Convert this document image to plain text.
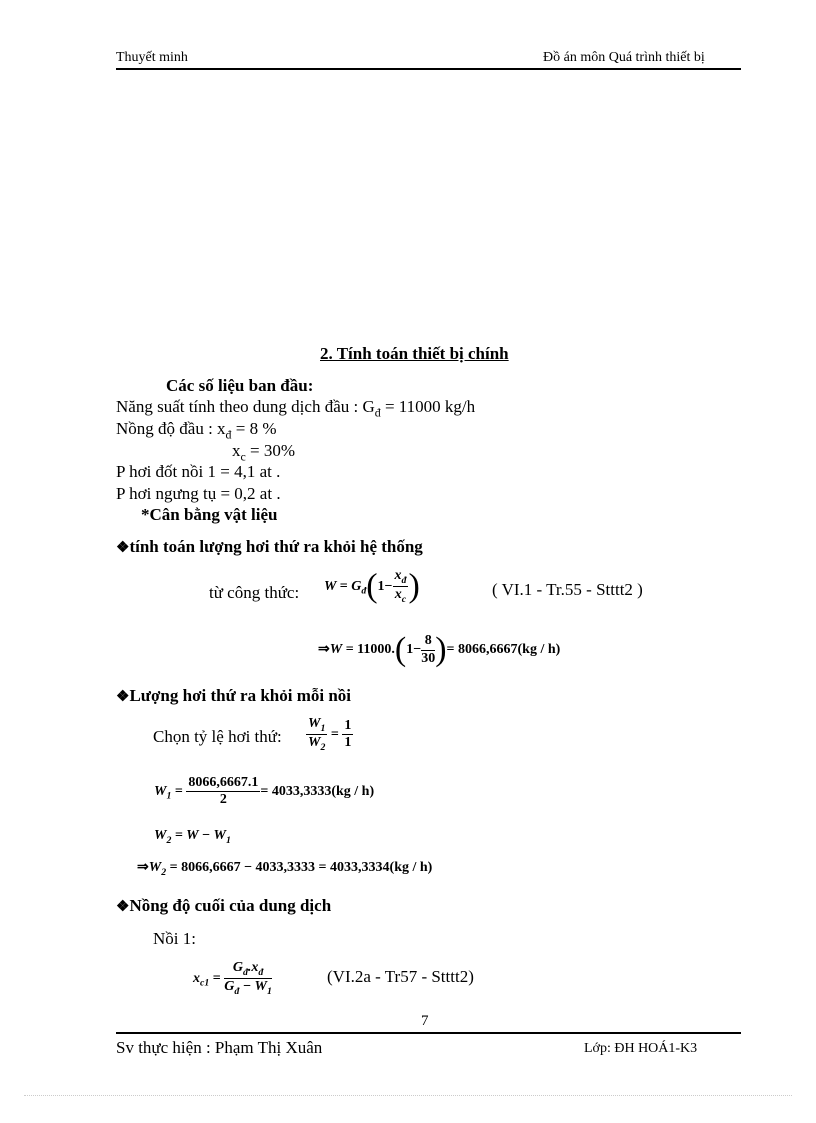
Thuyết minh	Đồ án môn Quá trình thiết bị
2. Tính toán thiết bị chính
Các số liệu ban đầu:
Năng suất tính theo dung dịch đầu : $G_đ = 11000$ kg/h
Nồng độ đầu : $x_đ = 8$ %
$x_c = 30\%$
P hơi đốt nồi 1 = 4,1 at .
P hơi ngưng tụ = 0,2 at .
*Cân bằng vật liệu
❖tính toán lượng hơi thứ ra khỏi hệ thống
từ công thức: $W = G_đ(1- \frac{x_đ}{x_c}$ )	( VI.1 - Tr.55 - Stttt2 )
⇒W = $11000.(1- \frac{8}{30}$ )= 8066,6667(kg / h)
❖Lượng hơi thứ ra khỏi mỗi nồi
Chọn tỷ lệ hơi thứ: $\frac{W_1}{W_2} = \frac{1}{1}$
$W_1 = \frac{8066,6667.1}{2} = 4033,3333(kg / h)$
$W_2 = W - W_1$
$\Rightarrow W_2 = 8066,6667 - 4033,3333 = 4033,3334(kg / h)$
❖Nồng độ cuối của dung dịch
Nồi 1:
$x_{c1} = \frac{G_đ.x_đ}{G_đ - W_1}$	(VI.2a - Tr57 - Stttt2)
7
Sv thực hiện : Phạm Thị Xuân	Lớp: ĐH HOÁ1-K3
